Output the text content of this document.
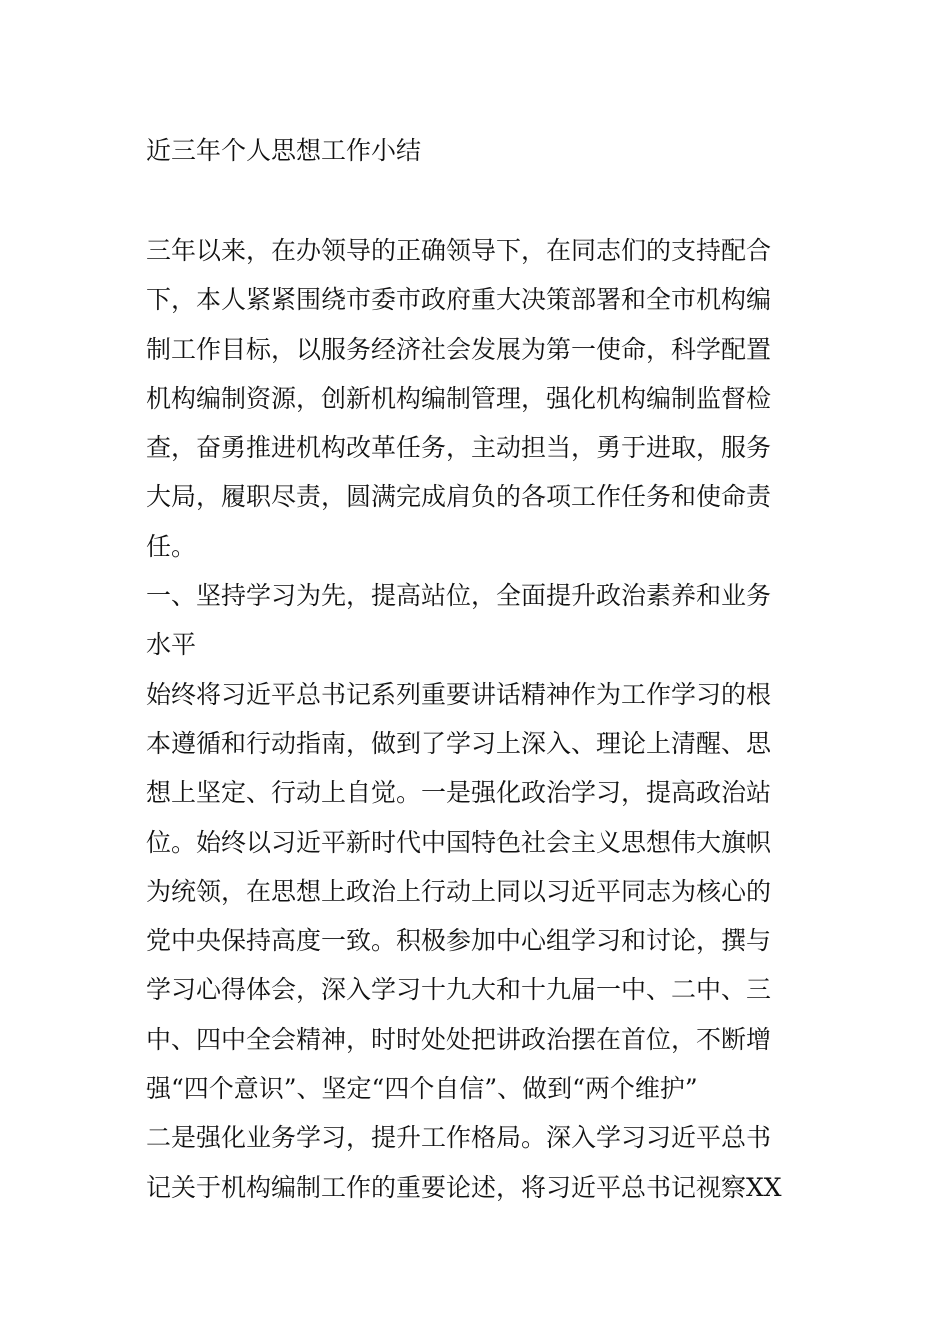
近三年个人思想工作小结
三年以来，在办领导的正确领导下，在同志们的支持配合
下，本人紧紧围绕市委市政府重大决策部署和全市机构编
制工作目标，以服务经济社会发展为第一使命，科学配置
机构编制资源，创新机构编制管理，强化机构编制监督检
查，奋勇推进机构改革任务，主动担当，勇于进取，服务
大局，履职尽责，圆满完成肩负的各项工作任务和使命责
任。
一、坚持学习为先，提高站位，全面提升政治素养和业务
水平
始终将习近平总书记系列重要讲话精神作为工作学习的根
本遵循和行动指南，做到了学习上深入、理论上清醒、思
想上坚定、行动上自觉。一是强化政治学习，提高政治站
位。始终以习近平新时代中国特色社会主义思想伟大旗帜
为统领，在思想上政治上行动上同以习近平同志为核心的
党中央保持高度一致。积极参加中心组学习和讨论，撰与
学习心得体会，深入学习十九大和十九届一中、二中、三
中、四中全会精神，时时处处把讲政治摆在首位，不断增
强“四个意识”、坚定“四个自信”、做到“两个维护”
二是强化业务学习，提升工作格局。深入学习习近平总书
记关于机构编制工作的重要论述，将习近平总书记视察XX
